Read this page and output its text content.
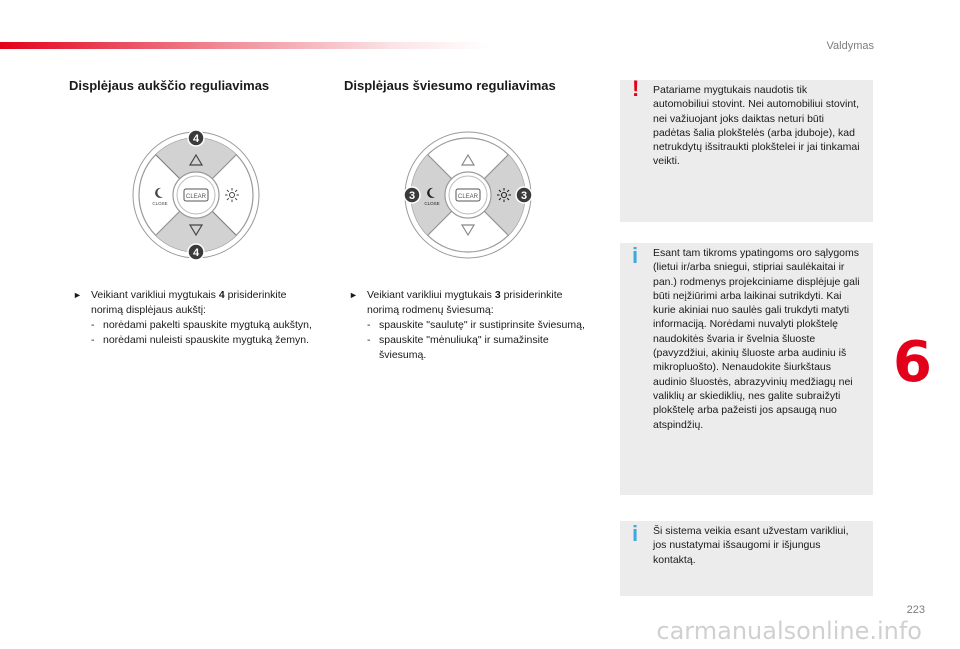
Valdymas
Displėjaus aukščio reguliavimas	Displėjaus šviesumo reguliavimas
CLEAR
CLOSE
4
4
CLEAR
CLOSE
3	3
► Veikiant varikliui mygtukais 4 prisiderinkite norimą displėjaus aukštį:
- norėdami pakelti spauskite mygtuką aukštyn,
- norėdami nuleisti spauskite mygtuką žemyn.
► Veikiant varikliui mygtukais 3 prisiderinkite norimą rodmenų šviesumą:
- spauskite "saulutę" ir sustiprinsite šviesumą,
- spauskite "mėnuliuką" ir sumažinsite šviesumą.
! Patariame mygtukais naudotis tik automobiliui stovint. Nei automobiliui stovint, nei važiuojant joks daiktas neturi būti padėtas šalia plokštelės (arba įduboje), kad netrukdytų išsitraukti plokštelei ir jai tinkamai veikti.
i Esant tam tikroms ypatingoms oro sąlygoms (lietui ir/arba sniegui, stipriai saulėkaitai ir pan.) rodmenys projekciniame displėjuje gali būti neįžiūrimi arba laikinai sutrikdyti. Kai kurie akiniai nuo saulės gali trukdyti matyti informaciją. Norėdami nuvalyti plokštelę naudokitės švaria ir švelnia šluoste (pavyzdžiui, akinių šluoste arba audiniu iš mikropluošto). Nenaudokite šiurkštaus audinio šluostės, abrazyvinių medžiagų nei valiklių ar skiediklių, nes galite subraižyti plokštelę arba pažeisti jos apsaugą nuo atspindžių.
i Ši sistema veikia esant užvestam varikliui, jos nustatymai išsaugomi ir išjungus kontaktą.
6
223
carmanualsonline.info
